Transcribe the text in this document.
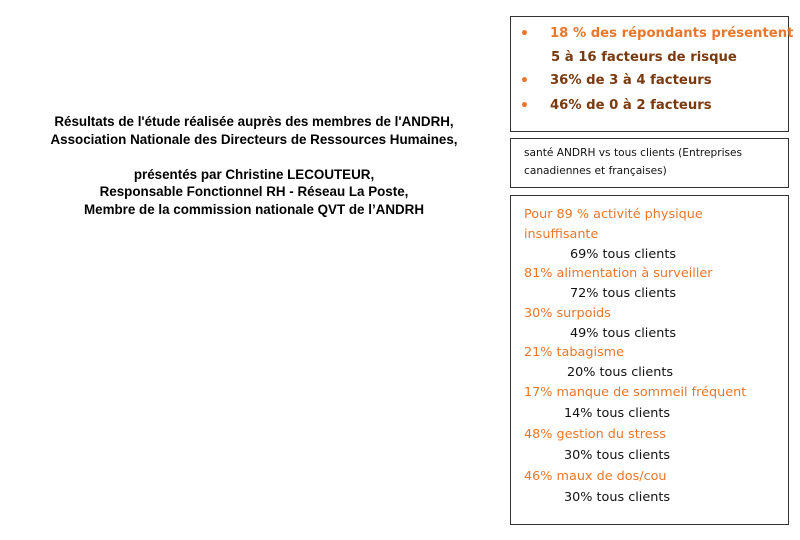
Résultats de l'étude réalisée auprès des membres de l'ANDRH,
Association Nationale des Directeurs de Ressources Humaines,
présentés par Christine LECOUTEUR,
Responsable Fonctionnel RH - Réseau La Poste,
Membre de la commission nationale QVT de l’ANDRH
• 18 % des répondants présentent
5 à 16 facteurs de risque
• 36% de 3 à 4 facteurs
• 46% de 0 à 2 facteurs
santé ANDRH vs tous clients (Entreprises canadiennes et françaises)
Pour 89 % activité physique
insuffisante
69% tous clients
81% alimentation à surveiller
72% tous clients
30% surpoids
49% tous clients
21% tabagisme
20% tous clients
17% manque de sommeil fréquent
14% tous clients
48% gestion du stress
30% tous clients
46% maux de dos/cou
30% tous clients
